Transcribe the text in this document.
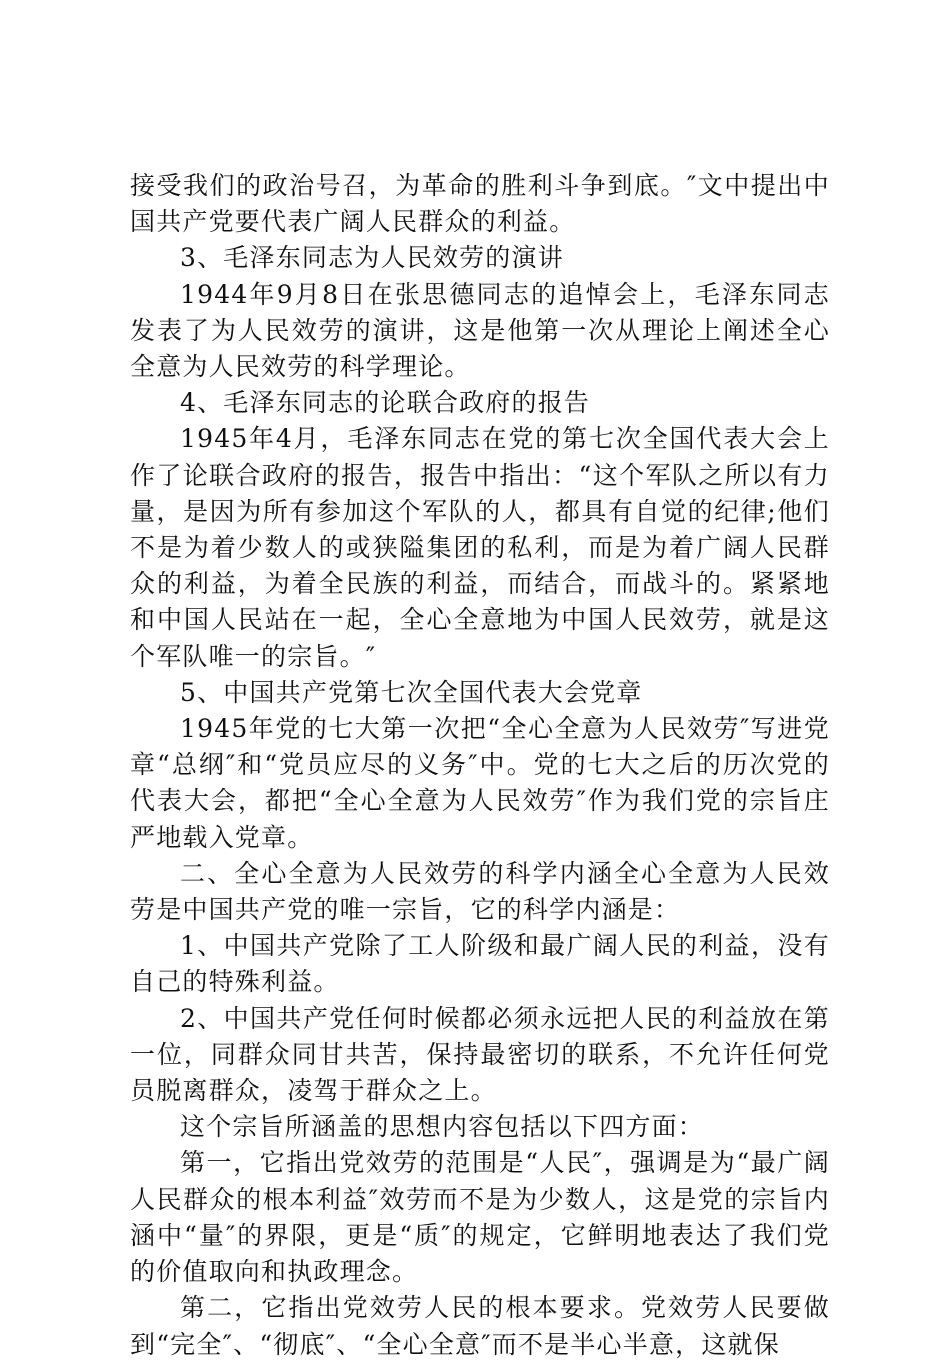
接受我们的政治号召，为革命的胜利斗争到底。″文中提出中国共产党要代表广阔人民群众的利益。

3、毛泽东同志为人民效劳的演讲

1944年9月8日在张思德同志的追悼会上，毛泽东同志发表了为人民效劳的演讲，这是他第一次从理论上阐述全心全意为人民效劳的科学理论。

4、毛泽东同志的论联合政府的报告

1945年4月，毛泽东同志在党的第七次全国代表大会上作了论联合政府的报告，报告中指出：“这个军队之所以有力量，是因为所有参加这个军队的人，都具有自觉的纪律;他们不是为着少数人的或狭隘集团的私利，而是为着广阔人民群众的利益，为着全民族的利益，而结合，而战斗的。紧紧地和中国人民站在一起，全心全意地为中国人民效劳，就是这个军队唯一的宗旨。″

5、中国共产党第七次全国代表大会党章

1945年党的七大第一次把“全心全意为人民效劳″写进党章“总纲″和“党员应尽的义务″中。党的七大之后的历次党的代表大会，都把“全心全意为人民效劳″作为我们党的宗旨庄严地载入党章。

二、全心全意为人民效劳的科学内涵全心全意为人民效劳是中国共产党的唯一宗旨，它的科学内涵是：

1、中国共产党除了工人阶级和最广阔人民的利益，没有自己的特殊利益。

2、中国共产党任何时候都必须永远把人民的利益放在第一位，同群众同甘共苦，保持最密切的联系，不允许任何党员脱离群众，凌驾于群众之上。

这个宗旨所涵盖的思想内容包括以下四方面：

第一，它指出党效劳的范围是“人民″，强调是为“最广阔人民群众的根本利益″效劳而不是为少数人，这是党的宗旨内涵中“量″的界限，更是“质″的规定，它鲜明地表达了我们党的价值取向和执政理念。

第二，它指出党效劳人民的根本要求。党效劳人民要做到“完全″、“彻底″、“全心全意″而不是半心半意，这就保
